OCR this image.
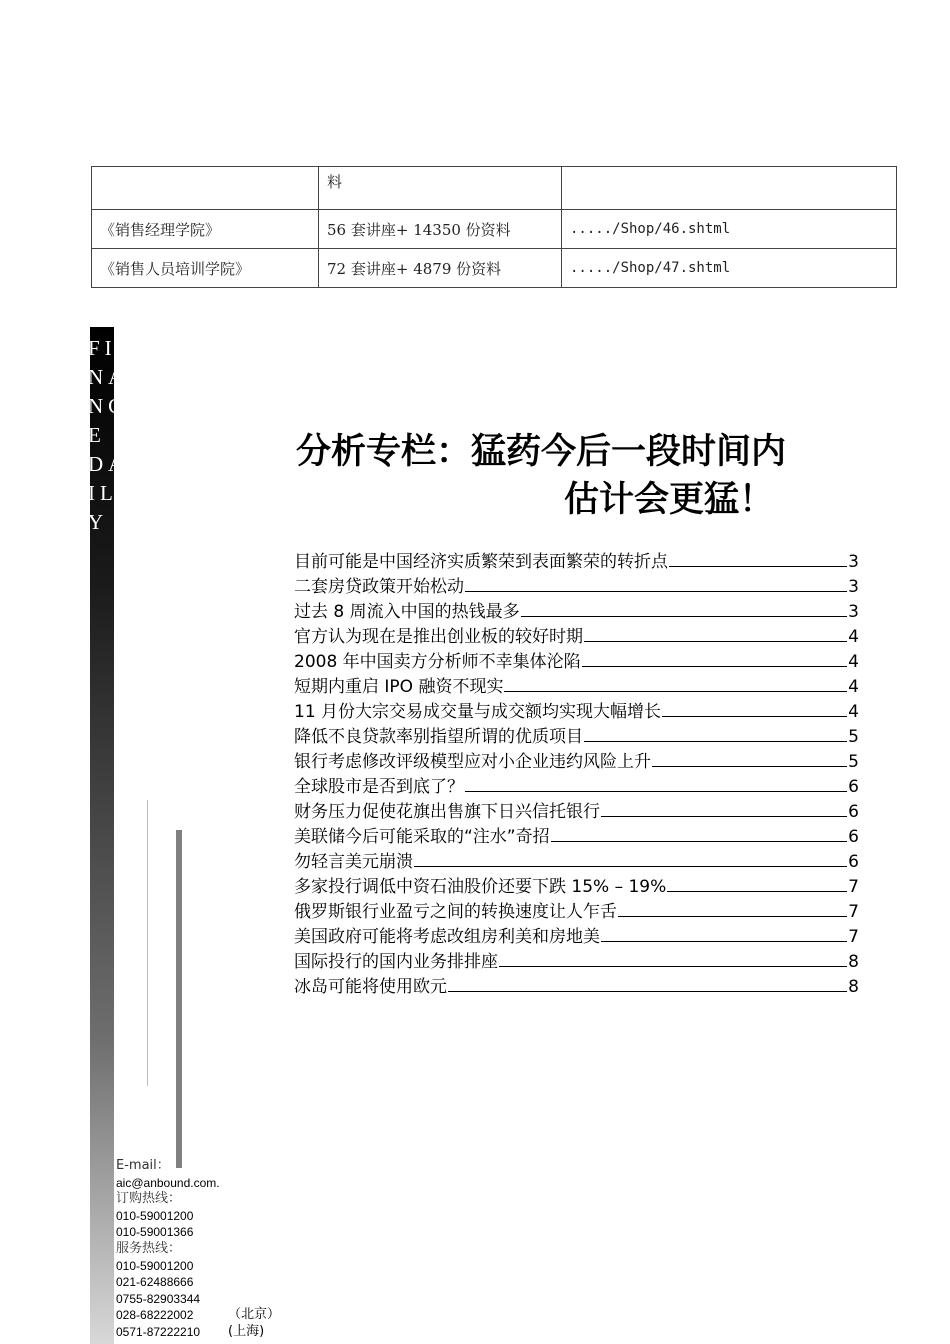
	料	
《销售经理学院》	56 套讲座+ 14350 份资料	...../Shop/46.shtml
《销售人员培训学院》	72 套讲座+ 4879 份资料	...../Shop/47.shtml
FI
NA
NC
E
DA
IL
Y
分析专栏：猛药今后一段时间内
估计会更猛！
目前可能是中国经济实质繁荣到表面繁荣的转折点	3
二套房贷政策开始松动	3
过去 8 周流入中国的热钱最多	3
官方认为现在是推出创业板的较好时期	4
2008 年中国卖方分析师不幸集体沦陷	4
短期内重启 IPO 融资不现实	4
11 月份大宗交易成交量与成交额均实现大幅增长	4
降低不良贷款率别指望所谓的优质项目	5
银行考虑修改评级模型应对小企业违约风险上升	5
全球股市是否到底了？	6
财务压力促使花旗出售旗下日兴信托银行	6
美联储今后可能采取的“注水”奇招	6
勿轻言美元崩溃	6
多家投行调低中资石油股价还要下跌 15% – 19%	7
俄罗斯银行业盈亏之间的转换速度让人乍舌	7
美国政府可能将考虑改组房利美和房地美	7
国际投行的国内业务排排座	8
冰岛可能将使用欧元	8
E-mail：
aic@anbound.com.
订购热线：
010-59001200
010-59001366
服务热线：
010-59001200
021-62488666
0755-82903344
028-68222002	（北京）
0571-87222210	(上海)
